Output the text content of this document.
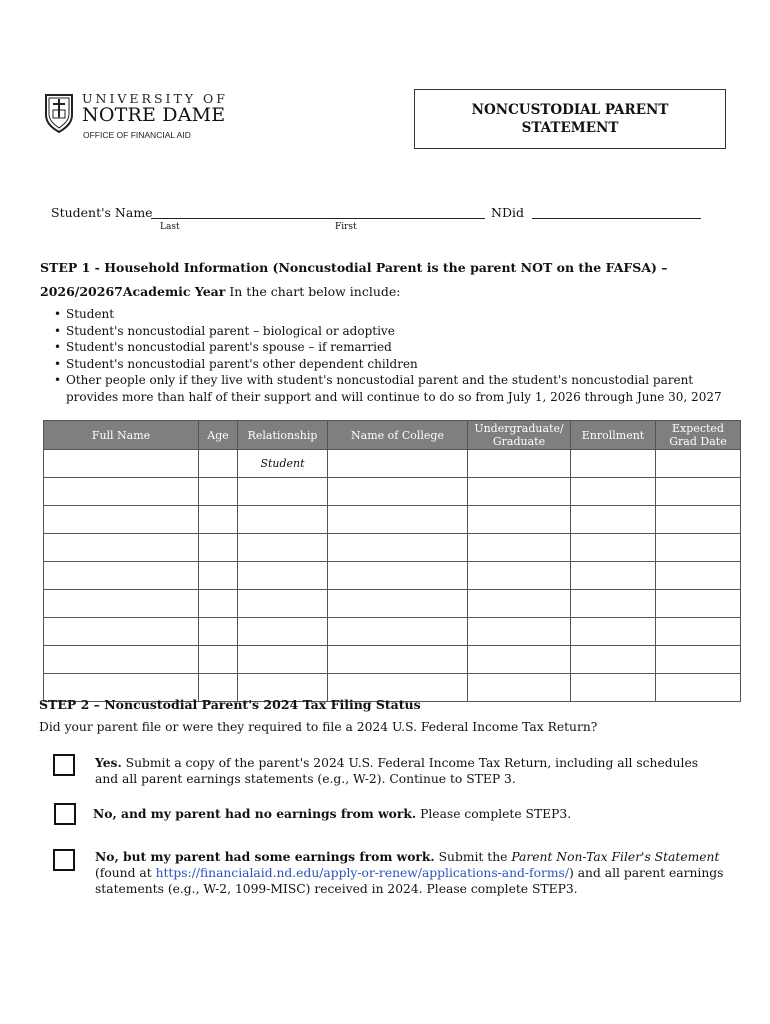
UNIVERSITY OF
NOTRE DAME
OFFICE OF FINANCIAL AID
NONCUSTODIAL PARENT
STATEMENT
Student's Name
Last	First
NDid
STEP 1 - Household Information (Noncustodial Parent is the parent NOT on the FAFSA) –
2026/20267Academic Year In the chart below include:
• Student
• Student's noncustodial parent – biological or adoptive
• Student's noncustodial parent's spouse – if remarried
• Student's noncustodial parent's other dependent children
• Other people only if they live with student's noncustodial parent and the student's noncustodial parent provides more than half of their support and will continue to do so from July 1, 2026 through June 30, 2027
Full Name	Age	Relationship	Name of College	Undergraduate/ Graduate	Enrollment	Expected Grad Date
		Student				

STEP 2 – Noncustodial Parent's 2024 Tax Filing Status
Did your parent file or were they required to file a 2024 U.S. Federal Income Tax Return?
Yes. Submit a copy of the parent's 2024 U.S. Federal Income Tax Return, including all schedules and all parent earnings statements (e.g., W-2). Continue to STEP 3.
No, and my parent had no earnings from work. Please complete STEP3.
No, but my parent had some earnings from work. Submit the Parent Non-Tax Filer's Statement (found at https://financialaid.nd.edu/apply-or-renew/applications-and-forms/) and all parent earnings statements (e.g., W-2, 1099-MISC) received in 2024. Please complete STEP3.
